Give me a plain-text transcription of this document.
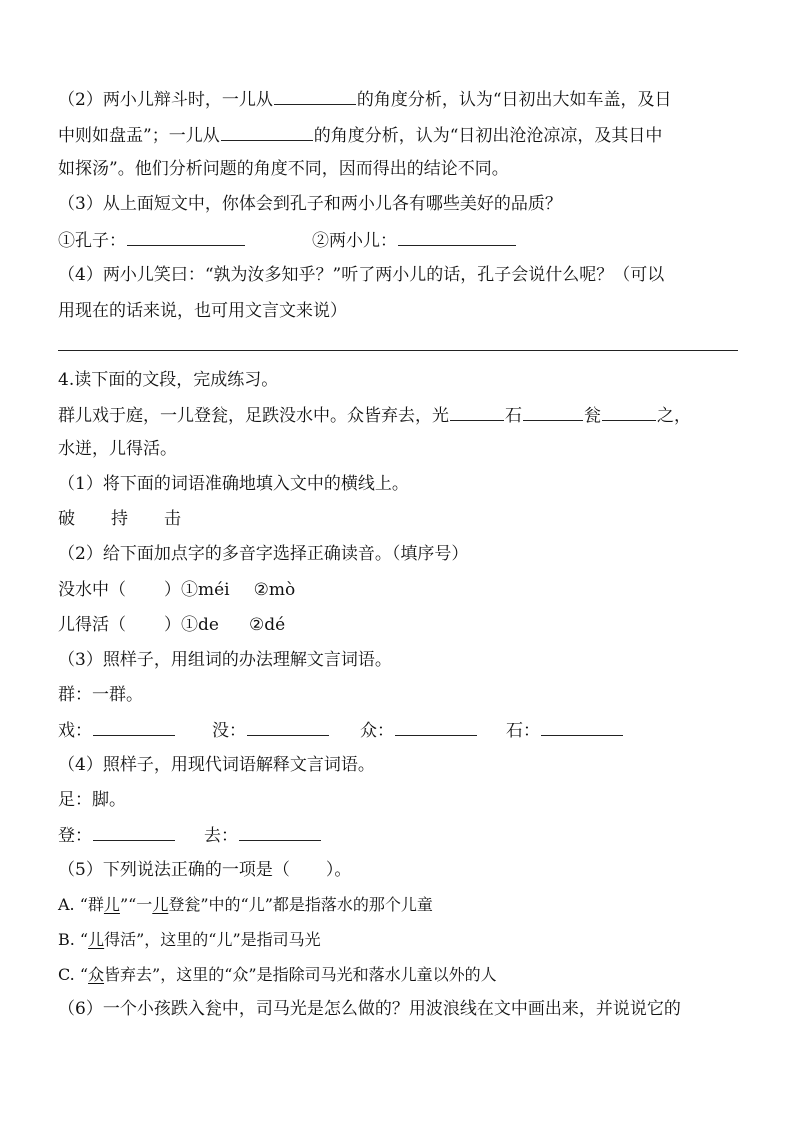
（2）两小儿辩斗时，一儿从	的角度分析，认为“日初出大如车盖，及日
中则如盘盂”；一儿从	的角度分析，认为“日初出沧沧凉凉，及其日中
如探汤”。他们分析问题的角度不同，因而得出的结论不同。
（3）从上面短文中，你体会到孔子和两小儿各有哪些美好的品质？
①孔子：	②两小儿：
（4）两小儿笑曰：“孰为汝多知乎？”听了两小儿的话，孔子会说什么呢？（可以
用现在的话来说，也可用文言文来说）
4.读下面的文段，完成练习。
群儿戏于庭，一儿登瓮，足跌没水中。众皆弃去，光	石	瓮	之，
水迸，儿得活。
（1）将下面的词语准确地填入文中的横线上。
破 持 击
（2）给下面加点字的多音字选择正确读音。（填序号）
没水中（ ）①méi ②mò
儿得活（ ）①de ②dé
（3）照样子，用组词的办法理解文言词语。
群：一群。
戏：	没：	众：	石：
（4）照样子，用现代词语解释文言词语。
足：脚。
登：	去：
（5）下列说法正确的一项是（ ）。
A. “群儿”“一儿登瓮”中的“儿”都是指落水的那个儿童
B. “儿得活”，这里的“儿”是指司马光
C. “众皆弃去”，这里的“众”是指除司马光和落水儿童以外的人
（6）一个小孩跌入瓮中，司马光是怎么做的？用波浪线在文中画出来，并说说它的
